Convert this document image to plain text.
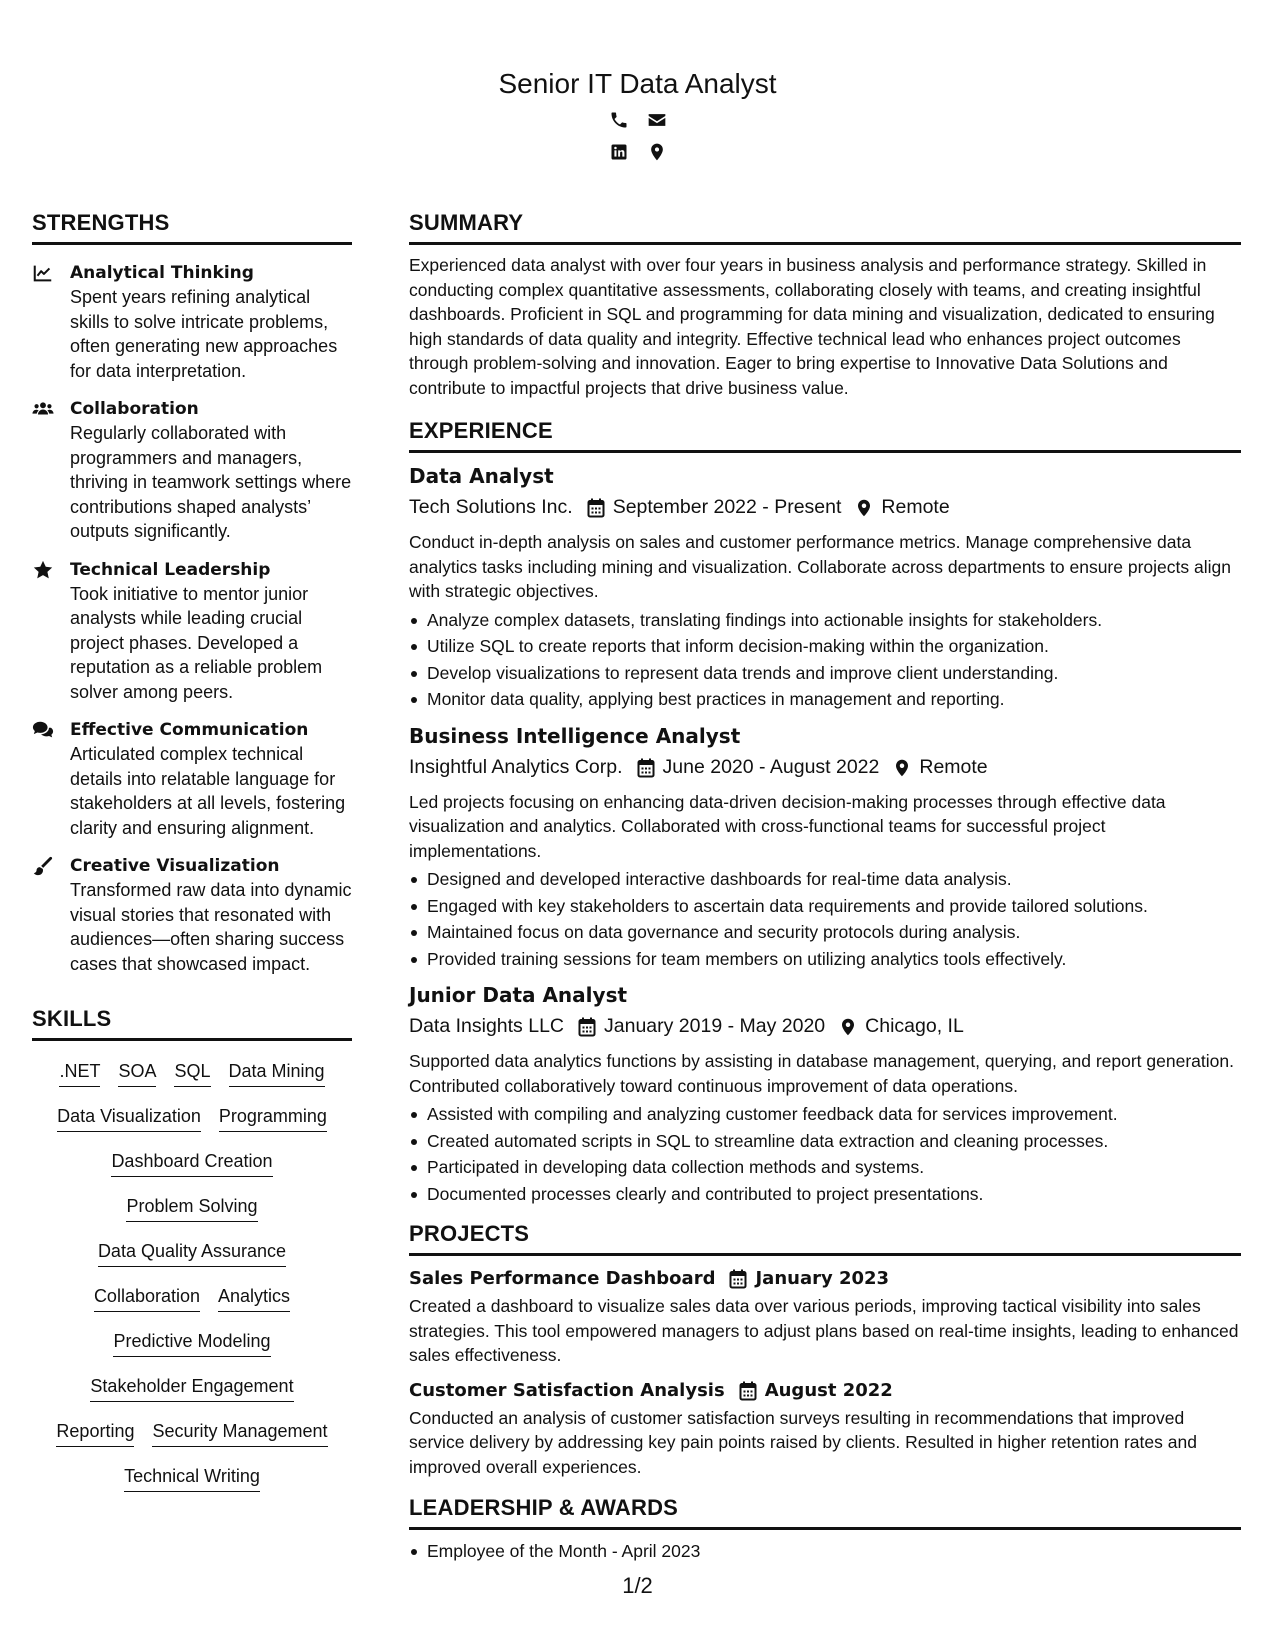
Senior IT Data Analyst
STRENGTHS
Analytical Thinking
Spent years refining analytical skills to solve intricate problems, often generating new approaches for data interpretation.
Collaboration
Regularly collaborated with programmers and managers, thriving in teamwork settings where contributions shaped analysts’ outputs significantly.
Technical Leadership
Took initiative to mentor junior analysts while leading crucial project phases. Developed a reputation as a reliable problem solver among peers.
Effective Communication
Articulated complex technical details into relatable language for stakeholders at all levels, fostering clarity and ensuring alignment.
Creative Visualization
Transformed raw data into dynamic visual stories that resonated with audiences—often sharing success cases that showcased impact.
SKILLS
.NET SOA SQL Data Mining
Data Visualization Programming
Dashboard Creation
Problem Solving
Data Quality Assurance
Collaboration Analytics
Predictive Modeling
Stakeholder Engagement
Reporting Security Management
Technical Writing
SUMMARY
Experienced data analyst with over four years in business analysis and performance strategy. Skilled in conducting complex quantitative assessments, collaborating closely with teams, and creating insightful dashboards. Proficient in SQL and programming for data mining and visualization, dedicated to ensuring high standards of data quality and integrity. Effective technical lead who enhances project outcomes through problem-solving and innovation. Eager to bring expertise to Innovative Data Solutions and contribute to impactful projects that drive business value.
EXPERIENCE
Data Analyst
Tech Solutions Inc. September 2022 - Present Remote
Conduct in-depth analysis on sales and customer performance metrics. Manage comprehensive data analytics tasks including mining and visualization. Collaborate across departments to ensure projects align with strategic objectives.
Analyze complex datasets, translating findings into actionable insights for stakeholders.
Utilize SQL to create reports that inform decision-making within the organization.
Develop visualizations to represent data trends and improve client understanding.
Monitor data quality, applying best practices in management and reporting.
Business Intelligence Analyst
Insightful Analytics Corp. June 2020 - August 2022 Remote
Led projects focusing on enhancing data-driven decision-making processes through effective data visualization and analytics. Collaborated with cross-functional teams for successful project implementations.
Designed and developed interactive dashboards for real-time data analysis.
Engaged with key stakeholders to ascertain data requirements and provide tailored solutions.
Maintained focus on data governance and security protocols during analysis.
Provided training sessions for team members on utilizing analytics tools effectively.
Junior Data Analyst
Data Insights LLC January 2019 - May 2020 Chicago, IL
Supported data analytics functions by assisting in database management, querying, and report generation. Contributed collaboratively toward continuous improvement of data operations.
Assisted with compiling and analyzing customer feedback data for services improvement.
Created automated scripts in SQL to streamline data extraction and cleaning processes.
Participated in developing data collection methods and systems.
Documented processes clearly and contributed to project presentations.
PROJECTS
Sales Performance Dashboard January 2023
Created a dashboard to visualize sales data over various periods, improving tactical visibility into sales strategies. This tool empowered managers to adjust plans based on real-time insights, leading to enhanced sales effectiveness.
Customer Satisfaction Analysis August 2022
Conducted an analysis of customer satisfaction surveys resulting in recommendations that improved service delivery by addressing key pain points raised by clients. Resulted in higher retention rates and improved overall experiences.
LEADERSHIP & AWARDS
Employee of the Month - April 2023
1/2
